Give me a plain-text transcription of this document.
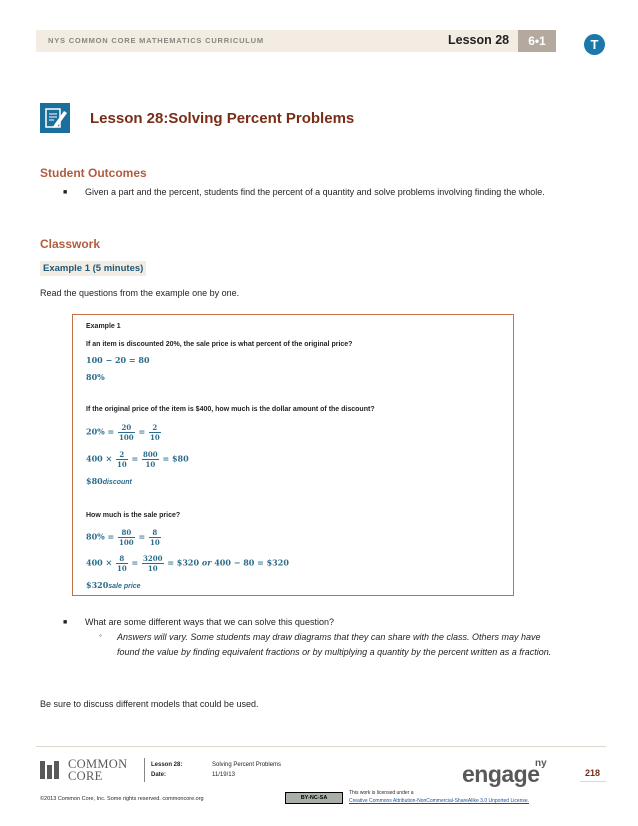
NYS COMMON CORE MATHEMATICS CURRICULUM	Lesson 28	6•1	T
Lesson 28:Solving Percent Problems
Student Outcomes
■ Given a part and the percent, students find the percent of a quantity and solve problems involving finding the whole.
Classwork
Example 1 (5 minutes)
Read the questions from the example one by one.
Example 1
If an item is discounted 20%, the sale price is what percent of the original price?
100 − 20 = 80
80%
If the original price of the item is $400, how much is the dollar amount of the discount?
$20\% = \frac{20}{100} = \frac{2}{10}$
$400 \times \frac{2}{10} = \frac{800}{10}$ = $80
$80discount
How much is the sale price?
$80\% = \frac{80}{100} = \frac{8}{10}$
$400 \times \frac{8}{10} = \frac{3200}{10}$ = $320 or 400 − 80 = $320
$320sale price
■ What are some different ways that we can solve this question?
◦ Answers will vary. Some students may draw diagrams that they can share with the class. Others may have found the value by finding equivalent fractions or by multiplying a quantity by the percent written as a fraction.
Be sure to discuss different models that could be used.
COMMON
CORE
Lesson 28:	Solving Percent Problems
Date:	11/19/13	engage
ny
218
©2013 Common Core, Inc. Some rights reserved. commoncore.org	BY-NC-SA
This work is licensed under a
Creative Commons Attribution-NonCommercial-ShareAlike 3.0 Unported License.
